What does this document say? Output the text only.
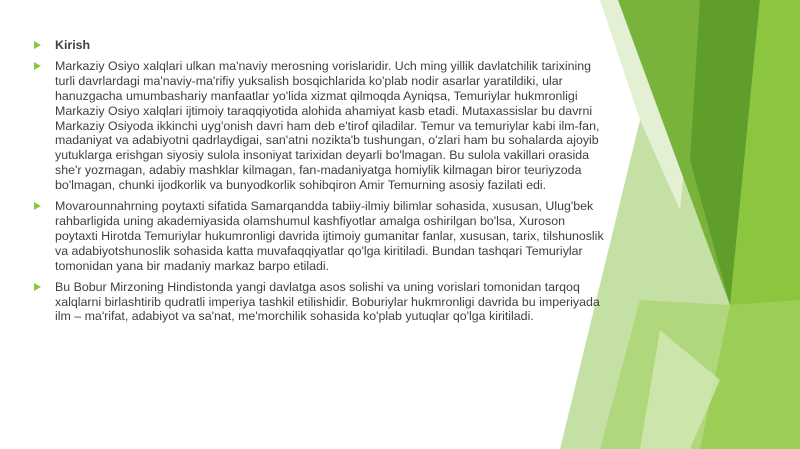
Kirish

Markaziy Osiyo xalqlari ulkan ma'naviy merosning vorislaridir. Uch ming yillik davlatchilik tarixining turli davrlardagi ma'naviy-ma'rifiy yuksalish bosqichlarida ko'plab nodir asarlar yaratildiki, ular hanuzgacha umumbashariy manfaatlar yo'lida xizmat qilmoqda Ayniqsa, Temuriylar hukmronligi Markaziy Osiyo xalqlari ijtimoiy taraqqiyotida alohida ahamiyat kasb etadi. Mutaxassislar bu davrni Markaziy Osiyoda ikkinchi uyg'onish davri ham deb e'tirof qiladilar. Temur va temuriylar kabi ilm-fan, madaniyat va adabiyotni qadrlaydigai, san'atni nozikta'b tushungan, o'zlari ham bu sohalarda ajoyib yutuklarga erishgan siyosiy sulola insoniyat tarixidan deyarli bo'lmagan. Bu sulola vakillari orasida she'r yozmagan, adabiy mashklar kilmagan, fan-madaniyatga homiylik kilmagan biror teuriyzoda bo'lmagan, chunki ijodkorlik va bunyodkorlik sohibqiron Amir Temurning asosiy fazilati edi.

Movarounnahrning poytaxti sifatida Samarqandda tabiiy-ilmiy bilimlar sohasida, xususan, Ulug'bek rahbarligida uning akademiyasida olamshumul kashfiyotlar amalga oshirilgan bo'lsa, Xuroson poytaxti Hirotda Temuriylar hukumronligi davrida ijtimoiy gumanitar fanlar, xususan, tarix, tilshunoslik va adabiyotshunoslik sohasida katta muvafaqqiyatlar qo'lga kiritiladi. Bundan tashqari Temuriylar tomonidan yana bir madaniy markaz barpo etiladi.

Bu Bobur Mirzoning Hindistonda yangi davlatga asos solishi va uning vorislari tomonidan tarqoq xalqlarni birlashtirib qudratli imperiya tashkil etilishidir. Boburiylar hukmronligi davrida bu imperiyada ilm – ma'rifat, adabiyot va sa'nat, me'morchilik sohasida ko'plab yutuqlar qo'lga kiritiladi.
